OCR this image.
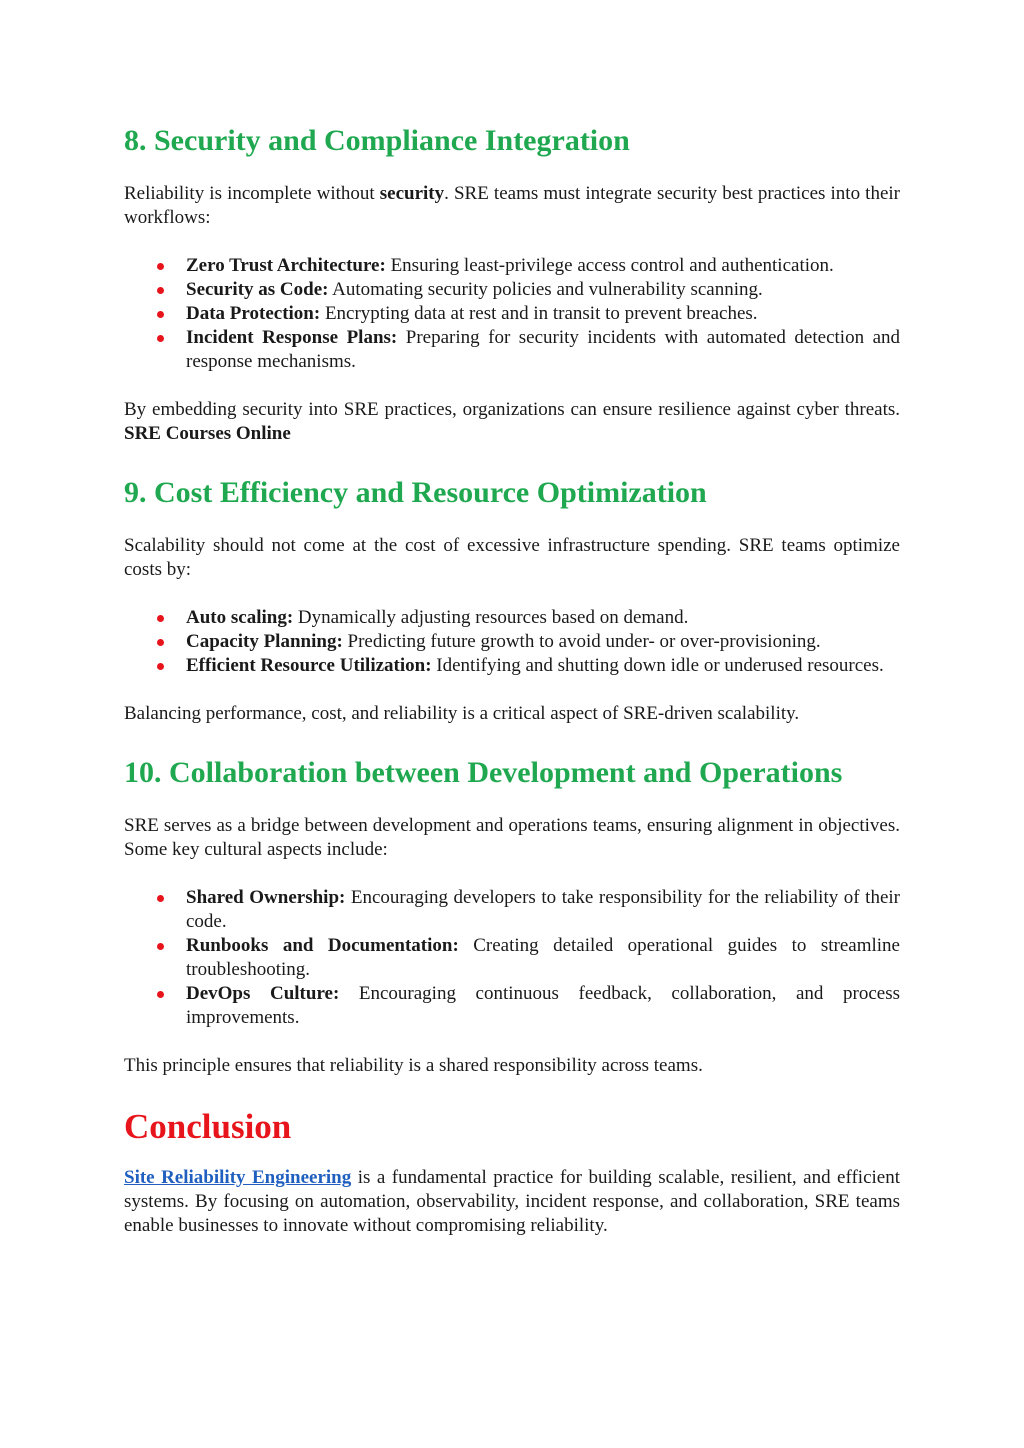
8. Security and Compliance Integration

Reliability is incomplete without security. SRE teams must integrate security best practices into their workflows:

Zero Trust Architecture: Ensuring least-privilege access control and authentication.
Security as Code: Automating security policies and vulnerability scanning.
Data Protection: Encrypting data at rest and in transit to prevent breaches.
Incident Response Plans: Preparing for security incidents with automated detection and response mechanisms.

By embedding security into SRE practices, organizations can ensure resilience against cyber threats. SRE Courses Online

9. Cost Efficiency and Resource Optimization

Scalability should not come at the cost of excessive infrastructure spending. SRE teams optimize costs by:

Auto scaling: Dynamically adjusting resources based on demand.
Capacity Planning: Predicting future growth to avoid under- or over-provisioning.
Efficient Resource Utilization: Identifying and shutting down idle or underused resources.

Balancing performance, cost, and reliability is a critical aspect of SRE-driven scalability.

10. Collaboration between Development and Operations

SRE serves as a bridge between development and operations teams, ensuring alignment in objectives. Some key cultural aspects include:

Shared Ownership: Encouraging developers to take responsibility for the reliability of their code.
Runbooks and Documentation: Creating detailed operational guides to streamline troubleshooting.
DevOps Culture: Encouraging continuous feedback, collaboration, and process improvements.

This principle ensures that reliability is a shared responsibility across teams.

Conclusion

Site Reliability Engineering is a fundamental practice for building scalable, resilient, and efficient systems. By focusing on automation, observability, incident response, and collaboration, SRE teams enable businesses to innovate without compromising reliability.
